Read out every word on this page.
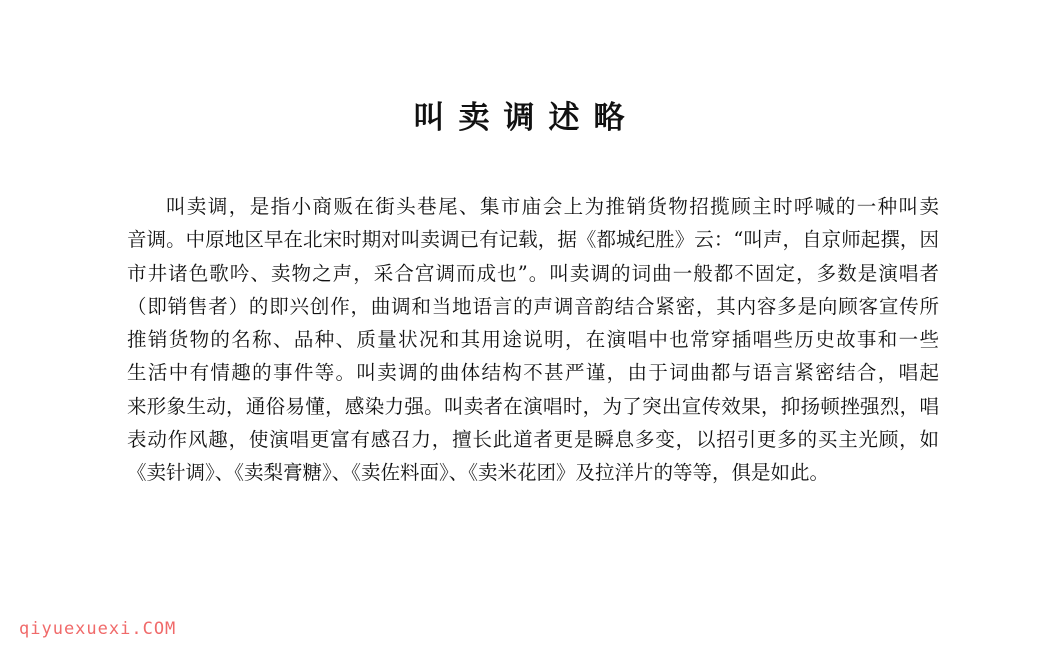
叫卖调述略
叫卖调，是指小商贩在街头巷尾、集市庙会上为推销货物招揽顾主时呼喊的一种叫卖
音调。中原地区早在北宋时期对叫卖调已有记载，据《都城纪胜》云：“叫声，自京师起撰，因
市井诸色歌吟、卖物之声，采合宫调而成也”。叫卖调的词曲一般都不固定，多数是演唱者
（即销售者）的即兴创作，曲调和当地语言的声调音韵结合紧密，其内容多是向顾客宣传所
推销货物的名称、品种、质量状况和其用途说明，在演唱中也常穿插唱些历史故事和一些
生活中有情趣的事件等。叫卖调的曲体结构不甚严谨，由于词曲都与语言紧密结合，唱起
来形象生动，通俗易懂，感染力强。叫卖者在演唱时，为了突出宣传效果，抑扬顿挫强烈，唱
表动作风趣，使演唱更富有感召力，擅长此道者更是瞬息多变，以招引更多的买主光顾，如
《卖针调》、《卖梨膏糖》、《卖佐料面》、《卖米花团》及拉洋片的等等，俱是如此。
qiyuexuexi.COM
